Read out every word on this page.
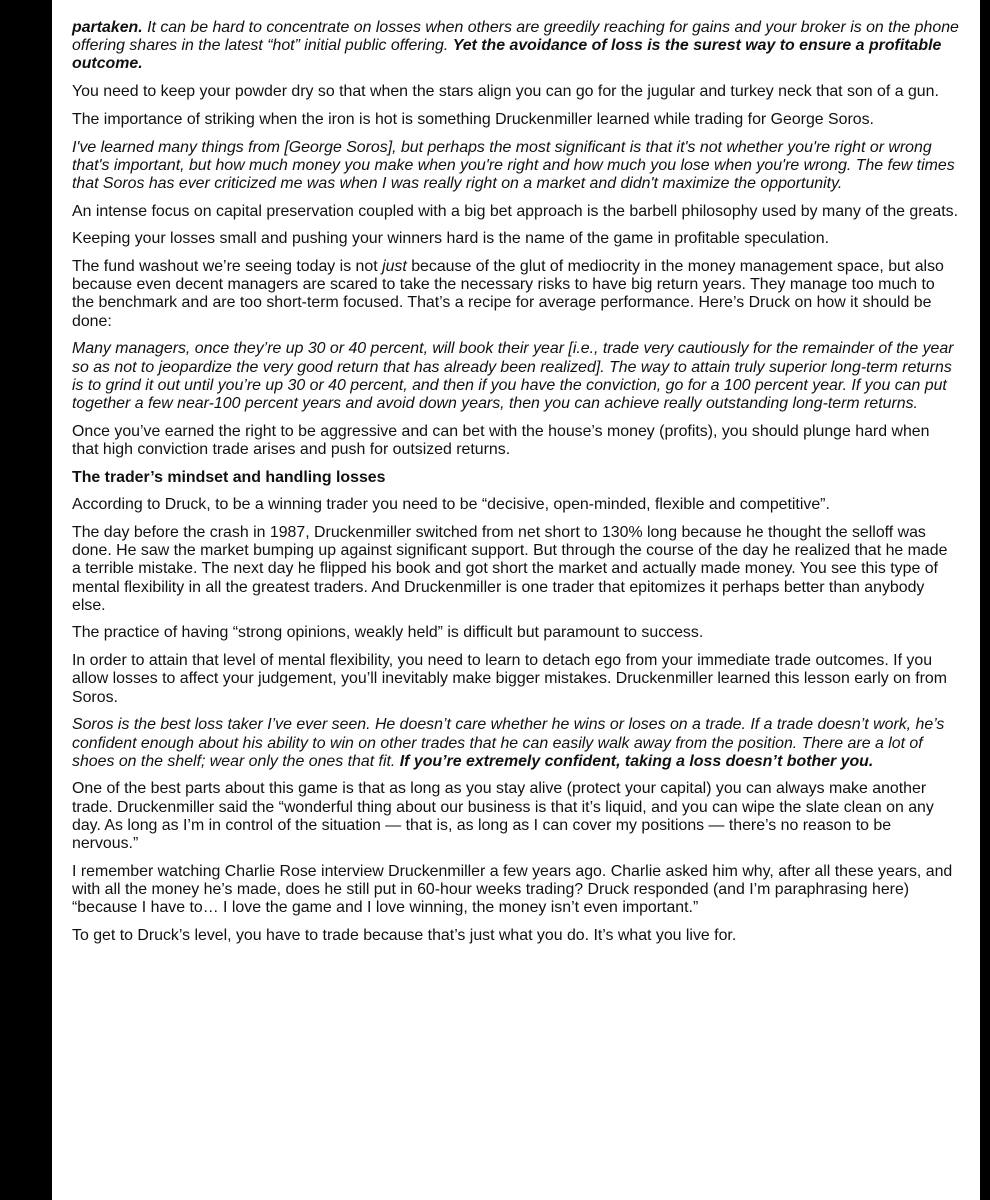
partaken. It can be hard to concentrate on losses when others are greedily reaching for gains and your broker is on the phone offering shares in the latest “hot” initial public offering. Yet the avoidance of loss is the surest way to ensure a profitable outcome.

You need to keep your powder dry so that when the stars align you can go for the jugular and turkey neck that son of a gun.

The importance of striking when the iron is hot is something Druckenmiller learned while trading for George Soros.

I've learned many things from [George Soros], but perhaps the most significant is that it's not whether you're right or wrong that's important, but how much money you make when you're right and how much you lose when you're wrong. The few times that Soros has ever criticized me was when I was really right on a market and didn't maximize the opportunity.

An intense focus on capital preservation coupled with a big bet approach is the barbell philosophy used by many of the greats.

Keeping your losses small and pushing your winners hard is the name of the game in profitable speculation.

The fund washout we’re seeing today is not just because of the glut of mediocrity in the money management space, but also because even decent managers are scared to take the necessary risks to have big return years. They manage too much to the benchmark and are too short-term focused. That’s a recipe for average performance. Here’s Druck on how it should be done:

Many managers, once they’re up 30 or 40 percent, will book their year [i.e., trade very cautiously for the remainder of the year so as not to jeopardize the very good return that has already been realized]. The way to attain truly superior long-term returns is to grind it out until you’re up 30 or 40 percent, and then if you have the conviction, go for a 100 percent year. If you can put together a few near-100 percent years and avoid down years, then you can achieve really outstanding long-term returns.

Once you’ve earned the right to be aggressive and can bet with the house’s money (profits), you should plunge hard when that high conviction trade arises and push for outsized returns.

The trader’s mindset and handling losses

According to Druck, to be a winning trader you need to be “decisive, open-minded, flexible and competitive”.

The day before the crash in 1987, Druckenmiller switched from net short to 130% long because he thought the selloff was done. He saw the market bumping up against significant support. But through the course of the day he realized that he made a terrible mistake. The next day he flipped his book and got short the market and actually made money. You see this type of mental flexibility in all the greatest traders. And Druckenmiller is one trader that epitomizes it perhaps better than anybody else.

The practice of having “strong opinions, weakly held” is difficult but paramount to success.

In order to attain that level of mental flexibility, you need to learn to detach ego from your immediate trade outcomes. If you allow losses to affect your judgement, you’ll inevitably make bigger mistakes. Druckenmiller learned this lesson early on from Soros.

Soros is the best loss taker I’ve ever seen. He doesn’t care whether he wins or loses on a trade. If a trade doesn’t work, he’s confident enough about his ability to win on other trades that he can easily walk away from the position. There are a lot of shoes on the shelf; wear only the ones that fit. If you’re extremely confident, taking a loss doesn’t bother you.

One of the best parts about this game is that as long as you stay alive (protect your capital) you can always make another trade. Druckenmiller said the “wonderful thing about our business is that it’s liquid, and you can wipe the slate clean on any day. As long as I’m in control of the situation — that is, as long as I can cover my positions — there’s no reason to be nervous.”

I remember watching Charlie Rose interview Druckenmiller a few years ago. Charlie asked him why, after all these years, and with all the money he’s made, does he still put in 60-hour weeks trading? Druck responded (and I’m paraphrasing here) “because I have to… I love the game and I love winning, the money isn’t even important.”

To get to Druck’s level, you have to trade because that’s just what you do. It’s what you live for.
